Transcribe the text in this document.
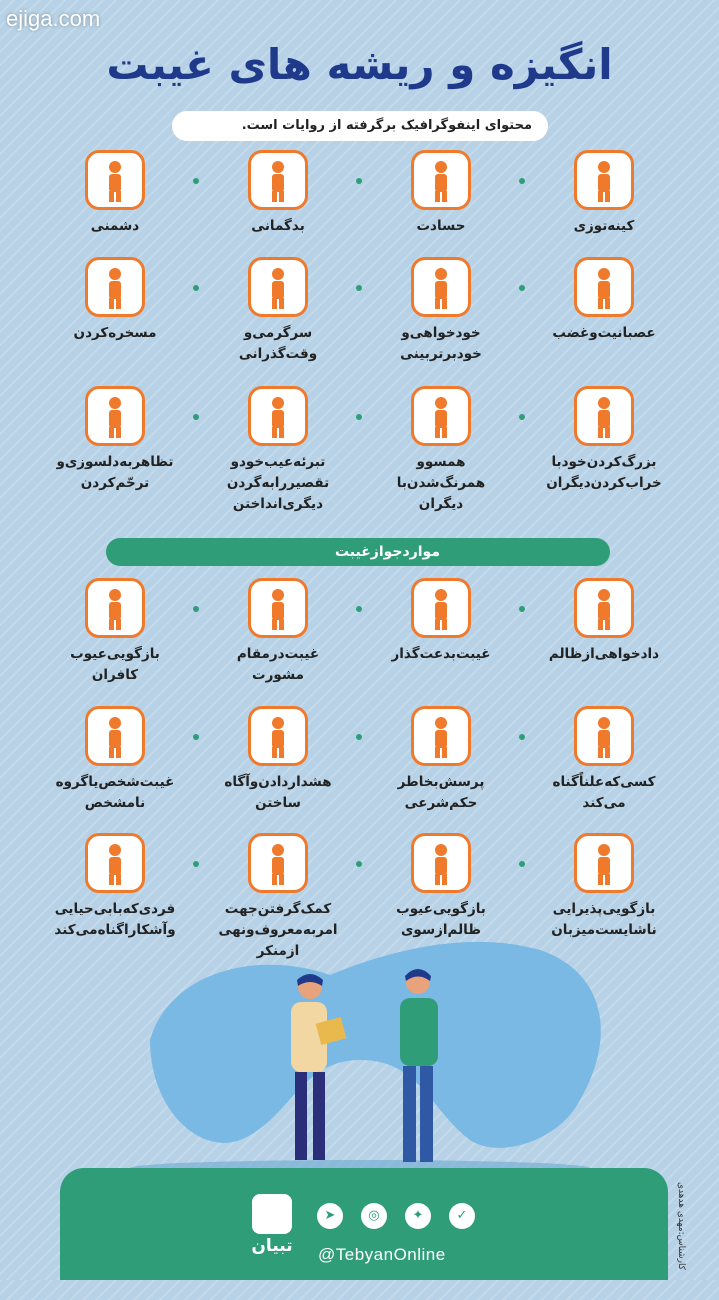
ejiga.com
انگیزه و ریشه های غیبت
محتوای اینفوگرافیک برگرفته از روایات است.
کینه‌توزی
حسادت
بدگمانی
دشمنی
عصبانیت‌و‌غضب
خودخواهی‌و
خودبرتربینی
سرگرمی‌و
وقت‌گذرانی
مسخره‌کردن
بزرگ‌کردن‌خود‌با
خراب‌کردن‌دیگران
همسوو
همرنگ‌شدن‌با
دیگران
تبرئه‌عیب‌خودو
تقصیررابه‌گردن
دیگری‌انداختن
تظاهربه‌دلسوزی‌و
ترحّم‌کردن
مواردجوازغیبت
دادخواهی‌ازظالم
غیبت‌بدعت‌گذار
غیبت‌درمقام
مشورت
بازگویی‌عیوب
کافران
کسی‌که‌علناً‌گناه
می‌کند
پرسش‌بخاطر
حکم‌شرعی
هشداردادن‌وآگاه
ساختن
غیبت‌شخص‌یاگروه
نامشخص
بازگویی‌پذیرایی
ناشایست‌میزبان
بازگویی‌عیوب
ظالم‌ازسوی

کمک‌گرفتن‌جهت
امربه‌معروف‌ونهی
ازمنکر
فردی‌که‌بابی‌حیایی
وآشکاراگناه‌می‌کند
تبیان
➤	◎	✦	✓
@TebyanOnline	کارشناس:مهدی هدهدی
